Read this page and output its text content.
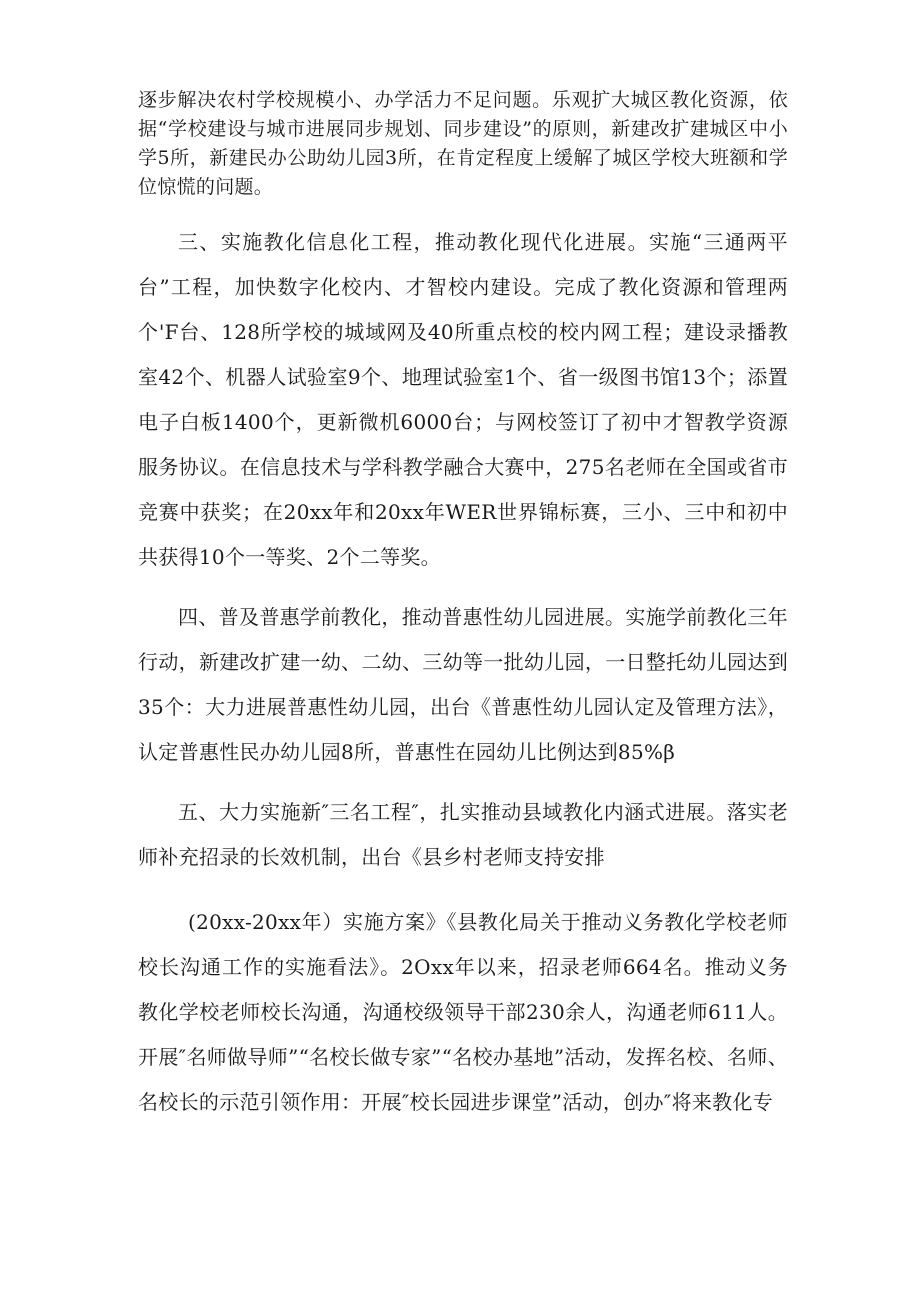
逐步解决农村学校规模小、办学活力不足问题。乐观扩大城区教化资源，依据“学校建设与城市进展同步规划、同步建设”的原则，新建改扩建城区中小学5所，新建民办公助幼儿园3所，在肯定程度上缓解了城区学校大班额和学位惊慌的问题。

三、实施教化信息化工程，推动教化现代化进展。实施“三通两平台”工程，加快数字化校内、才智校内建设。完成了教化资源和管理两个'F台、128所学校的城域网及40所重点校的校内网工程；建设录播教室42个、机器人试验室9个、地理试验室1个、省一级图书馆13个；添置电子白板1400个，更新微机6000台；与网校签订了初中才智教学资源服务协议。在信息技术与学科教学融合大赛中，275名老师在全国或省市竞赛中获奖；在20xx年和20xx年WER世界锦标赛，三小、三中和初中共获得10个一等奖、2个二等奖。

四、普及普惠学前教化，推动普惠性幼儿园进展。实施学前教化三年行动，新建改扩建一幼、二幼、三幼等一批幼儿园，一日整托幼儿园达到35个：大力进展普惠性幼儿园，出台《普惠性幼儿园认定及管理方法》，认定普惠性民办幼儿园8所，普惠性在园幼儿比例达到85%β

五、大力实施新″三名工程″，扎实推动县域教化内涵式进展。落实老师补充招录的长效机制，出台《县乡村老师支持安排

(20xx-20xx年）实施方案》《县教化局关于推动义务教化学校老师校长沟通工作的实施看法》。2Oxx年以来，招录老师664名。推动义务教化学校老师校长沟通，沟通校级领导干部230余人，沟通老师611人。开展″名师做导师”“名校长做专家”“名校办基地”活动，发挥名校、名师、名校长的示范引领作用：开展″校长园进步课堂”活动，创办″将来教化专
